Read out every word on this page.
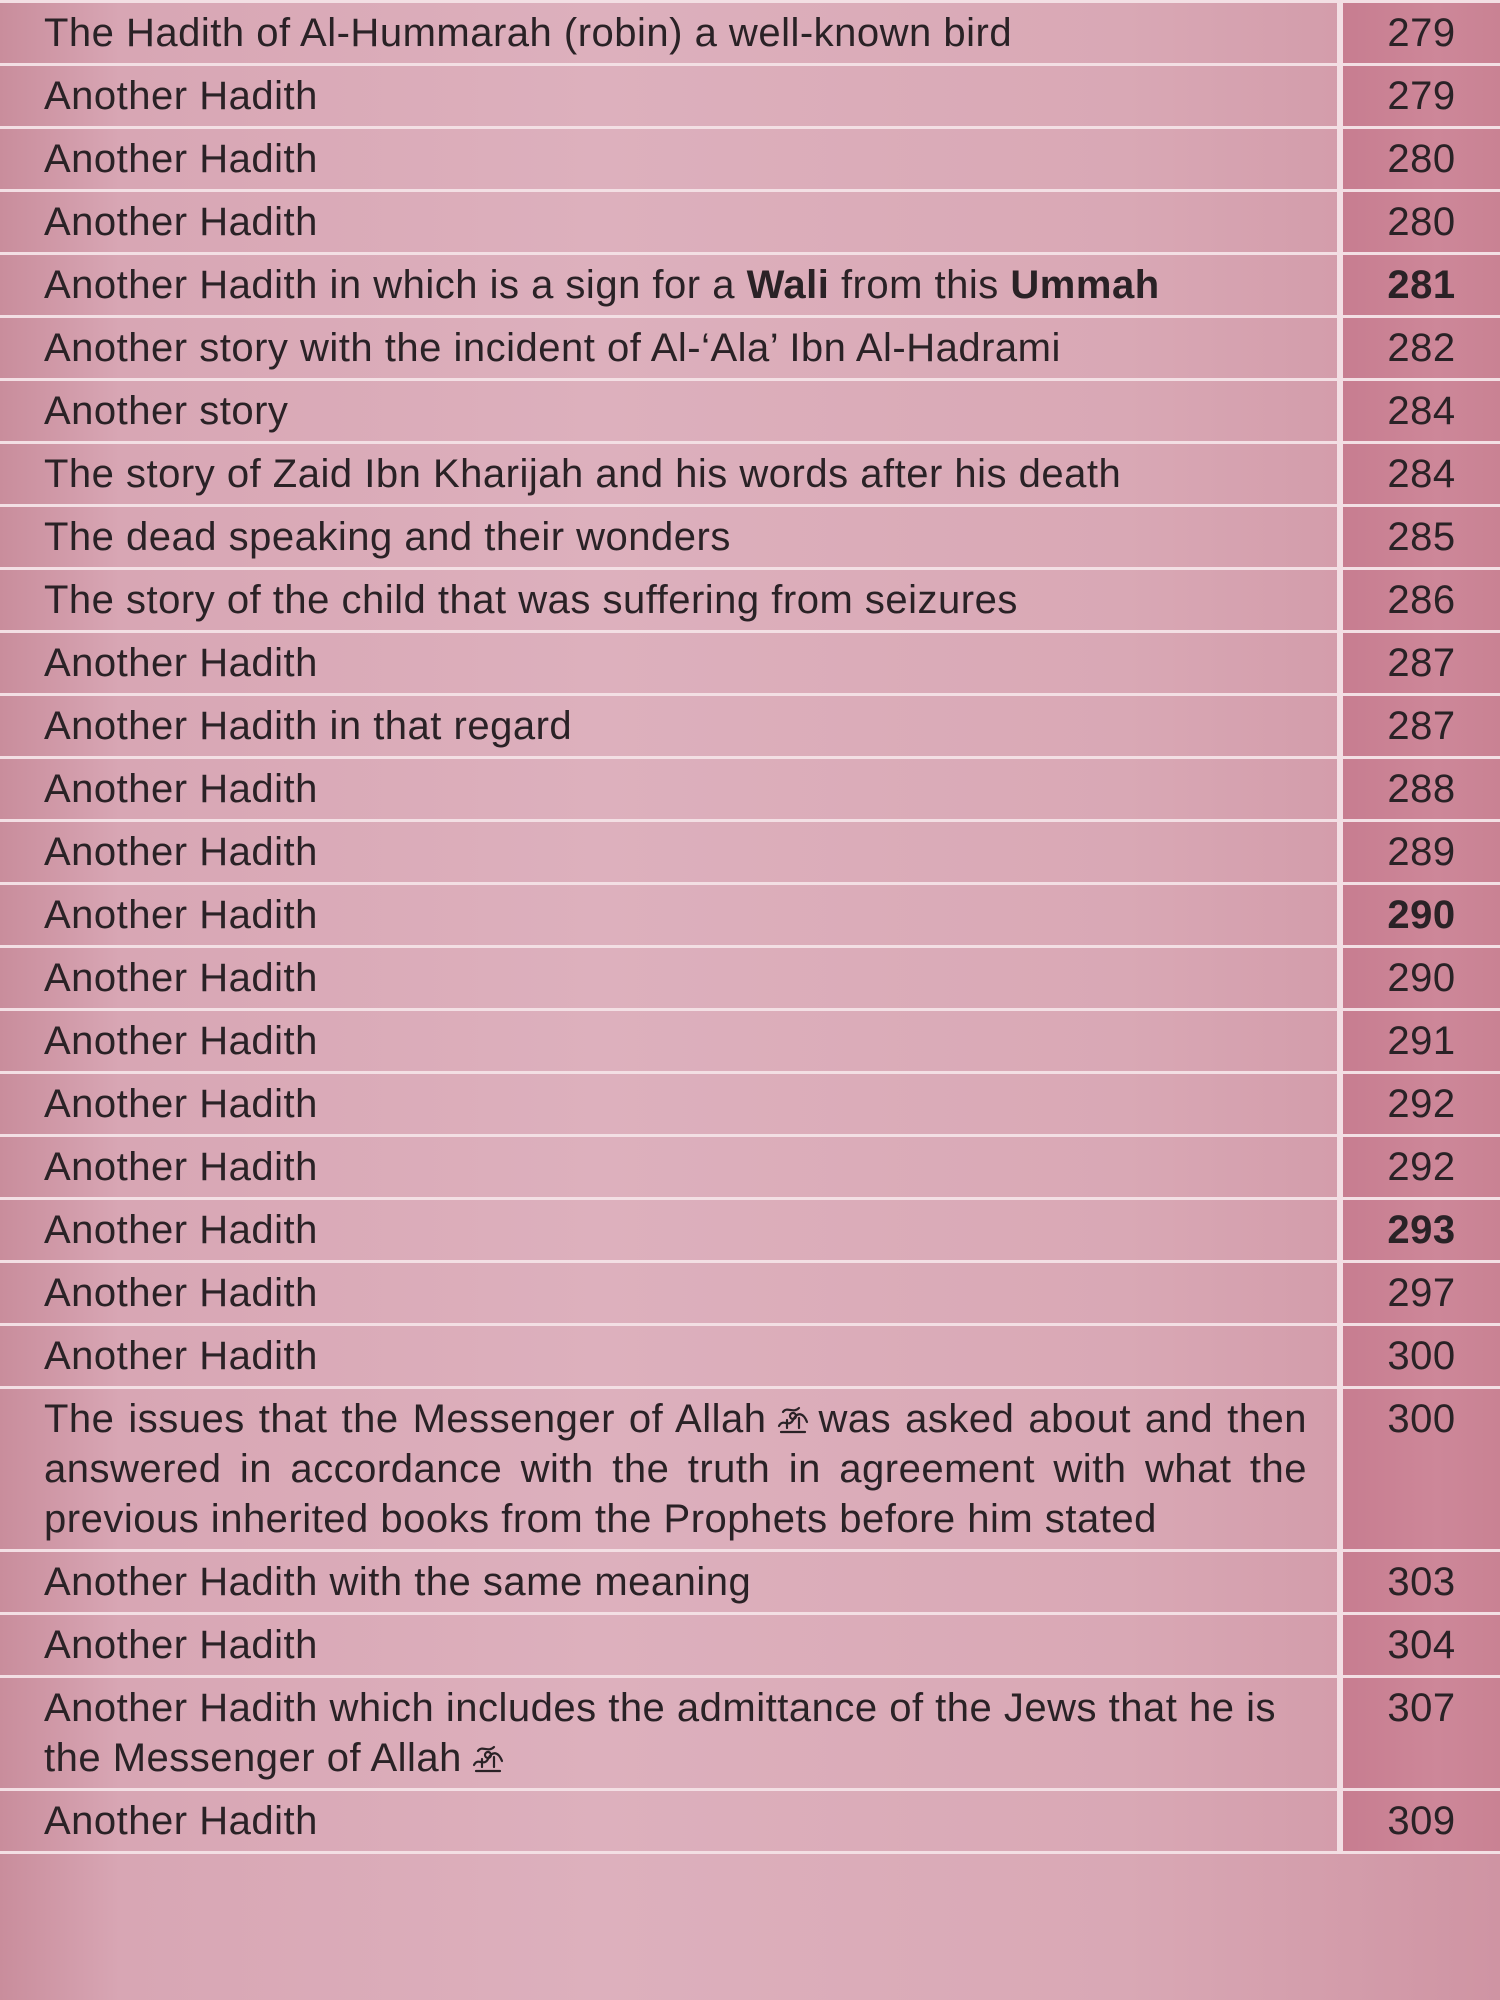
The Hadith of Al-Hummarah (robin) a well-known bird	279
Another Hadith	279
Another Hadith	280
Another Hadith	280
Another Hadith in which is a sign for a Wali from this Ummah	281
Another story with the incident of Al-‘Ala’ Ibn Al-Hadrami	282
Another story	284
The story of Zaid Ibn Kharijah and his words after his death	284
The dead speaking and their wonders	285
The story of the child that was suffering from seizures	286
Another Hadith	287
Another Hadith in that regard	287
Another Hadith	288
Another Hadith	289
Another Hadith	290
Another Hadith	290
Another Hadith	291
Another Hadith	292
Another Hadith	292
Another Hadith	293
Another Hadith	297
Another Hadith	300
The issues that the Messenger of Allah was asked about and then answered in accordance with the truth in agreement with what the previous inherited books from the Prophets before him stated	300
Another Hadith with the same meaning	303
Another Hadith	304
Another Hadith which includes the admittance of the Jews that he is the Messenger of Allah	307
Another Hadith	309
